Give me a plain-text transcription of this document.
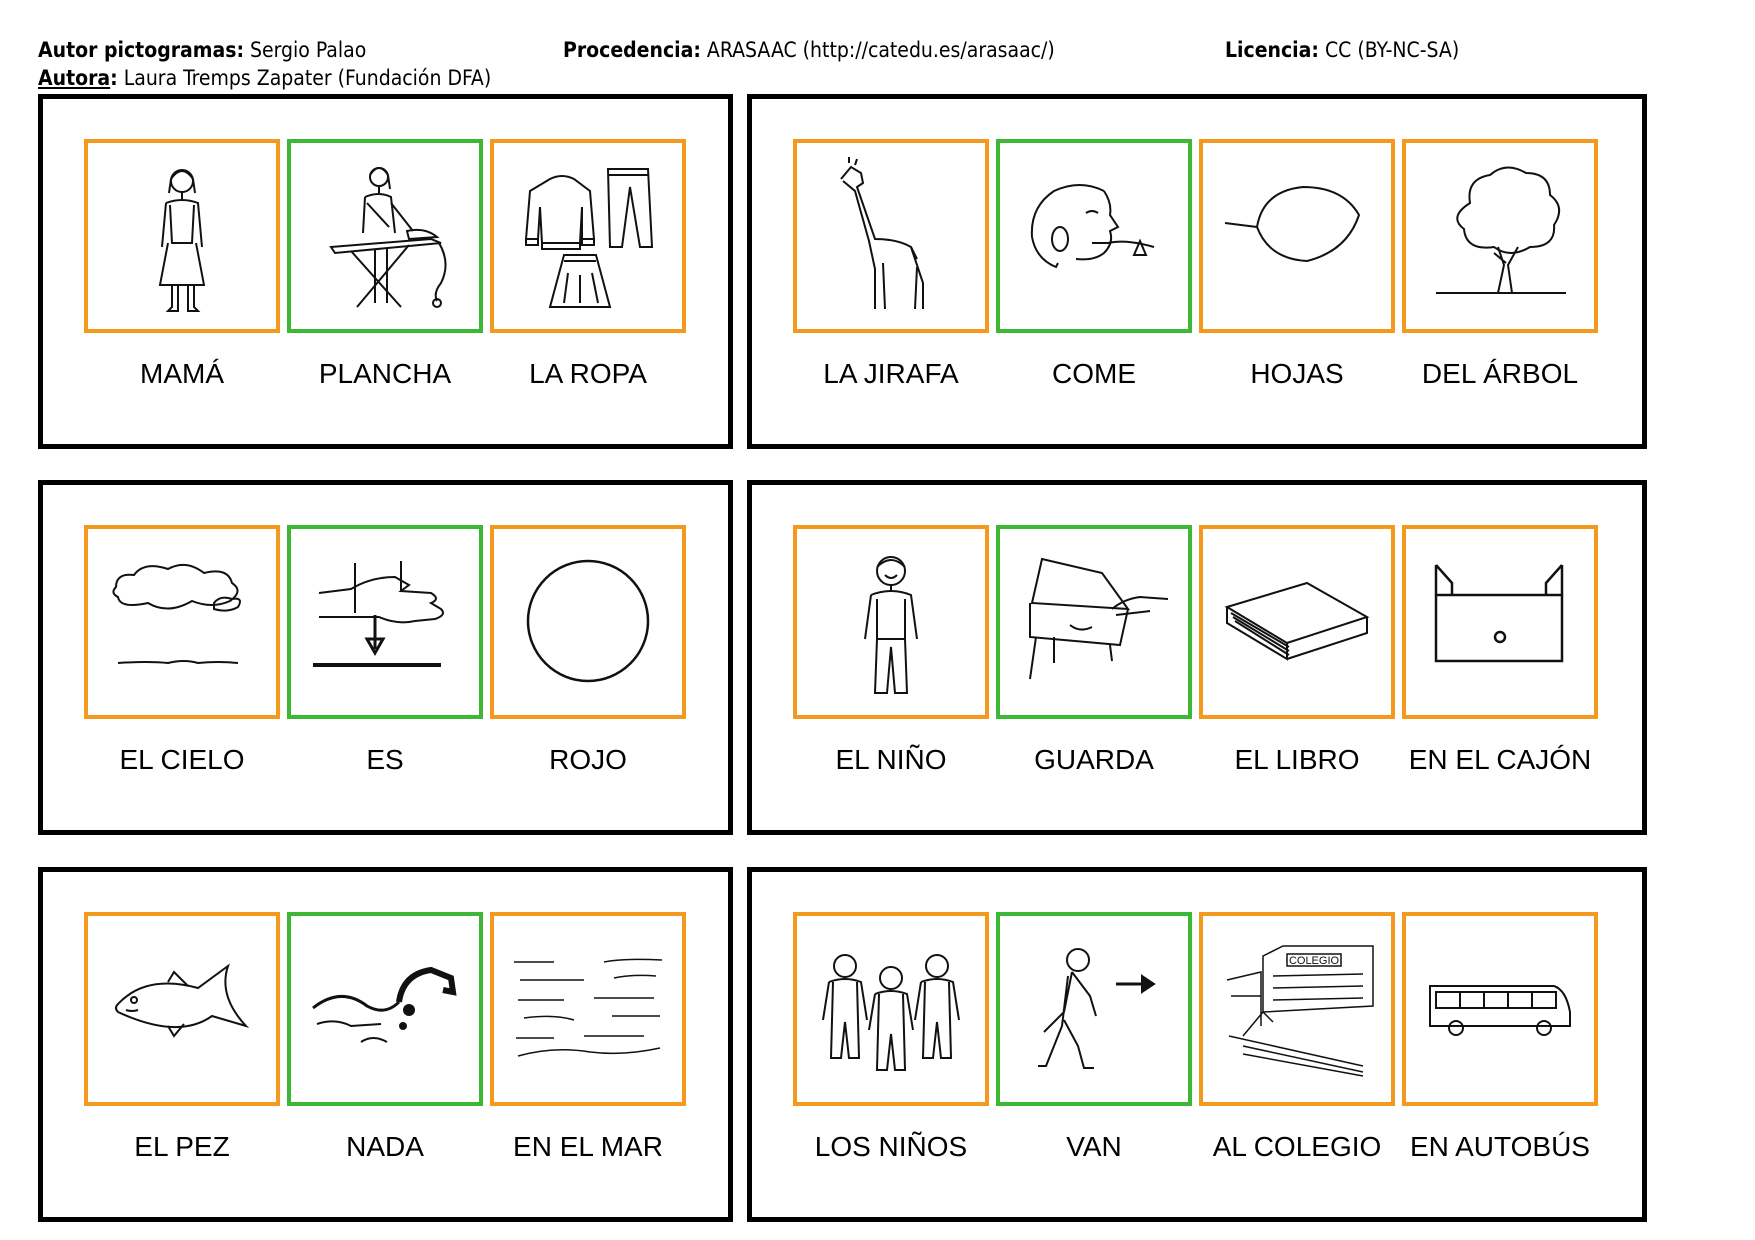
Autor pictogramas: Sergio Palao	Procedencia: ARASAAC (http://catedu.es/arasaac/)	Licencia: CC (BY-NC-SA)
Autora: Laura Tremps Zapater (Fundación DFA)
MAMÁ	PLANCHA	LA ROPA	LA JIRAFA	COME	HOJAS	DEL ÁRBOL
EL CIELO	ES	ROJO	EL NIÑO	GUARDA	EL LIBRO	EN EL CAJÓN
EL PEZ	NADA	EN EL MAR	LOS NIÑOS	VAN
COLEGIO
AL COLEGIO	EN AUTOBÚS
